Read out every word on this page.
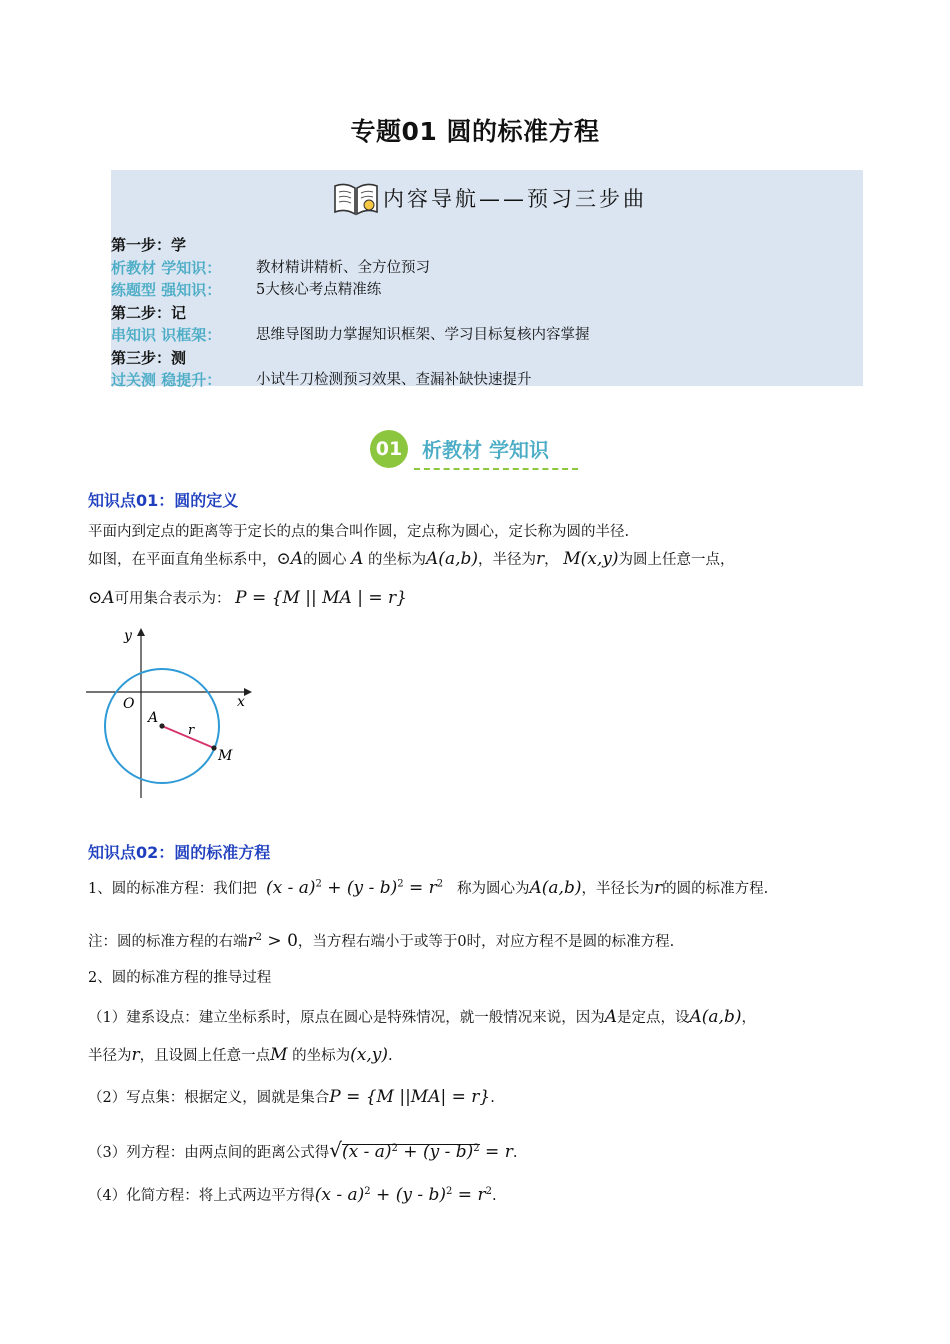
专题01 圆的标准方程
内容导航——预习三步曲
第一步：学
析教材 学知识：	教材精讲精析、全方位预习
练题型 强知识：	5大核心考点精准练
第二步：记
串知识 识框架：	思维导图助力掌握知识框架、学习目标复核内容掌握
第三步：测
过关测 稳提升：	小试牛刀检测预习效果、查漏补缺快速提升
01 析教材 学知识
知识点01：圆的定义
平面内到定点的距离等于定长的点的集合叫作圆，定点称为圆心，定长称为圆的半径.
如图，在平面直角坐标系中，⊙A的圆心 A 的坐标为A(a,b)，半径为r， M(x,y)为圆上任意一点，
⊙A可用集合表示为： P = {M || MA | = r}
y
x
O
A
r
M
知识点02：圆的标准方程
1、圆的标准方程：我们把 $(x - a)^2 + (y - b)^2 = r^2$ 称为圆心为A(a,b)，半径长为r的圆的标准方程.
注：圆的标准方程的右端$r^2 > 0$，当方程右端小于或等于0时，对应方程不是圆的标准方程.
2、圆的标准方程的推导过程
（1）建系设点：建立坐标系时，原点在圆心是特殊情况，就一般情况来说，因为A是定点，设A(a,b)，
半径为r，且设圆上任意一点M 的坐标为(x,y).
（2）写点集：根据定义，圆就是集合P = {M ||MA| = r}.
（3）列方程：由两点间的距离公式得√(x - a)$^2$ + (y - b)$^2$ = r.
（4）化简方程：将上式两边平方得$(x - a)^2 + (y - b)^2 = r^2$.
